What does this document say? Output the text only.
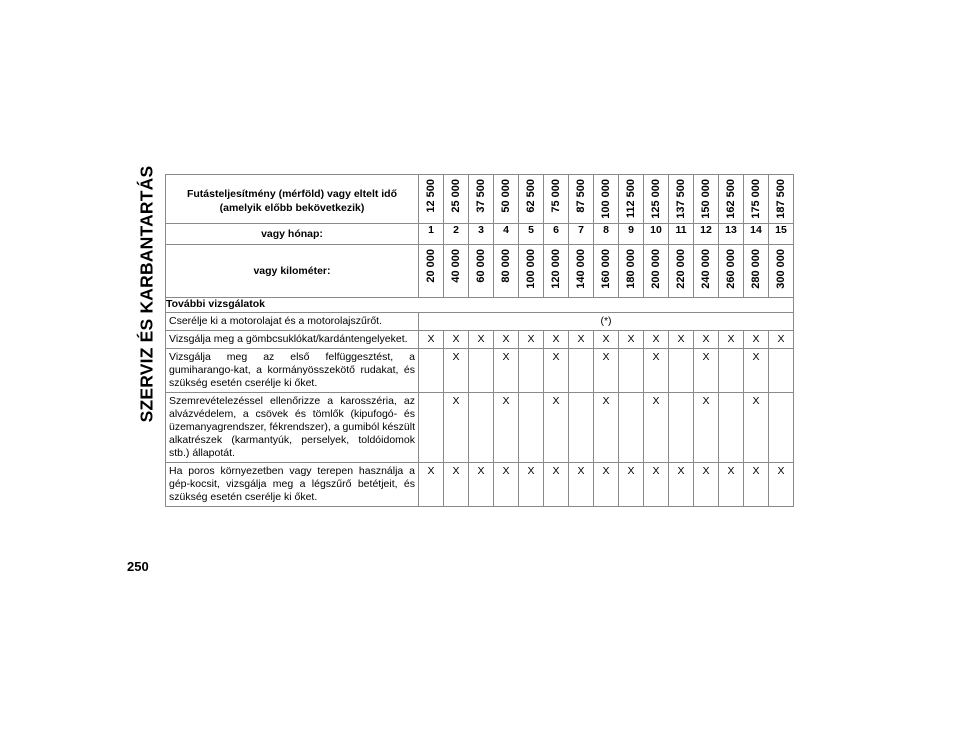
SZERVIZ ÉS KARBANTARTÁS	Futásteljesítmény (mérföld) vagy eltelt idő (amelyik előbb bekövetkezik)	12 500	25 000	37 500	50 000	62 500	75 000	87 500	100 000	112 500	125 000	137 500	150 000	162 500	175 000	187 500

vagy hónap:	1	2	3	4	5	6	7	8	9	10	11	12	13	14	15
vagy kilométer:	20 000	40 000	60 000	80 000	100 000	120 000	140 000	160 000	180 000	200 000	220 000	240 000	260 000	280 000	300 000

További vizsgálatok															
Cserélje ki a motorolajat és a motorolajszűrőt.	(*)														
Vizsgálja meg a gömbcsuklókat/kardántengelyeket.	X	X	X	X	X	X	X	X	X	X	X	X	X	X	X
Vizsgálja meg az első felfüggesztést, a gumiharango-kat, a kormányösszekötő rudakat, és szükség esetén cserélje ki őket.		X		X		X		X		X		X		X	
Szemrevételezéssel ellenőrizze a karosszéria, az alvázvédelem, a csövek és tömlők (kipufogó- és üzemanyagrendszer, fékrendszer), a gumiból készült alkatrészek (karmantyúk, perselyek, toldóidomok stb.) állapotát.		X		X		X		X		X		X		X	
Ha poros környezetben vagy terepen használja a gép-kocsit, vizsgálja meg a légszűrő betétjeit, és szükség esetén cserélje ki őket.	X	X	X	X	X	X	X	X	X	X	X	X	X	X	X
250
